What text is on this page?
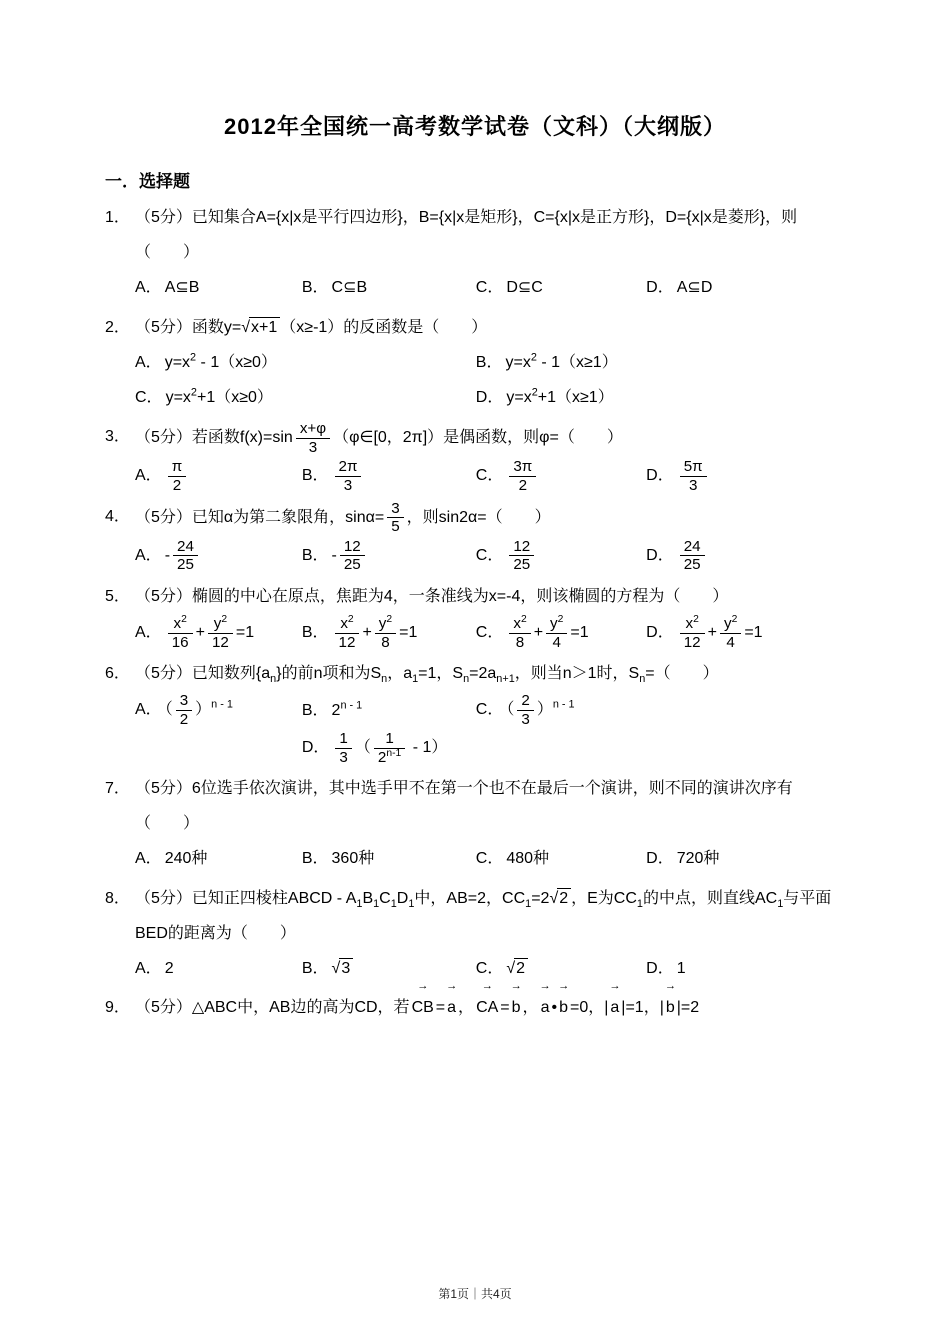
2012年全国统一高考数学试卷（文科）（大纲版）
一．选择题
1． （5分）已知集合A={x|x是平行四边形}，B={x|x是矩形}，C={x|x是正方形}，D={x|x是菱形}，则（　　）
A． A⊆B	B． C⊆B	C． D⊆C	D． A⊆D
2． （5分）函数y=√x+1 （x≥-1）的反函数是（　　）
A． $y=x^2 - 1(x\ge 0)$	B． $y=x^2 - 1(x\ge 1)$
C． $y=x^2+1(x\ge 0)$	D． $y=x^2+1(x\ge 1)$
3． （5分）若函数$f(x)=\sin \frac{x+\varphi}{3}$ （φ∈[0，2π]）是偶函数，则φ=（　　）
A． $\frac{\pi}{2}$	B． $\frac{2\pi}{3}$	C． $\frac{3\pi}{2}$	D． $\frac{5\pi}{3}$
4． （5分）已知α为第二象限角，$\sin\alpha= \frac{3}{5}$ ，则sin2α=（　　）
A． - $\frac{24}{25}$	B． - $\frac{12}{25}$	C． $\frac{12}{25}$	D． $\frac{24}{25}$
5． （5分）椭圆的中心在原点，焦距为4，一条准线为x=-4，则该椭圆的方程为（　　）
A． $\frac{x^2}{16} + \frac{y^2}{12} =1$	B． $\frac{x^2}{12} + \frac{y^2}{8} =1$	C． $\frac{x^2}{8} + \frac{y^2}{4} =1$	D． $\frac{x^2}{12} + \frac{y^2}{4} =1$
6． （5分）已知数列$\{a_n\}$的前n项和为$S_n$，$a_1=1$，$S_n=2a_{n+1}$，则当n＞1时，$S_n=$（　　）
A． （ $\frac{3}{2} )^{n - 1}$	B． 2$^{n - 1}$	C． （ $\frac{2}{3} )^{n - 1}$
D． $\frac{1}{3}$ （ $\frac{1}{2^{n-1}} - 1$）
7． （5分）6位选手依次演讲，其中选手甲不在第一个也不在最后一个演讲，则不同的演讲次序有（　　）
A． 240种	B． 360种	C． 480种	D． 720种
8． （5分）已知正四棱柱ABCD - $A_1B_1C_1D_1$中，AB=2，$CC_1=2√2$ ，E为$CC_1$的中点，则直线$AC_1$与平面BED的距离为（　　）
A． 2	B． √3	C． √2	D． 1
9． （5分）△ABC中，AB边的高为CD，若 CB → = a → ， CA → = b → ， a → • b → =0，| a → |=1，| b → |=2
第1页｜共4页
